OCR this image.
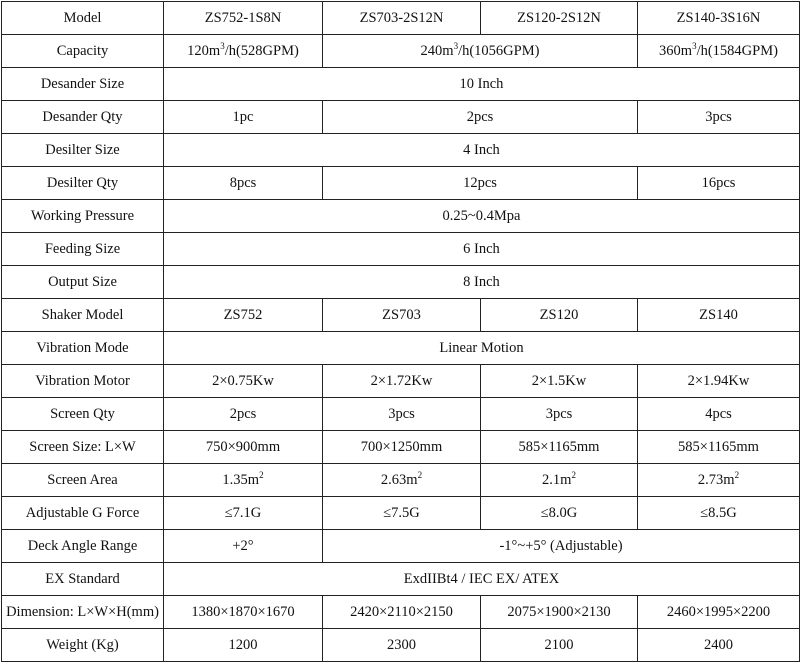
Model	ZS752-1S8N	ZS703-2S12N	ZS120-2S12N	ZS140-3S16N
Capacity	$120m^3/h(528GPM)$	$240m^3/h(1056GPM)$		$360m^3/h(1584GPM)$
Desander Size	10 Inch			
Desander Qty	1pc	2pcs		3pcs
Desilter Size	4 Inch			
Desilter Qty	8pcs	12pcs		16pcs
Working Pressure	0.25~0.4Mpa			
Feeding Size	6 Inch			
Output Size	8 Inch			
Shaker Model	ZS752	ZS703	ZS120	ZS140
Vibration Mode	Linear Motion			
Vibration Motor	2×0.75Kw	2×1.72Kw	2×1.5Kw	2×1.94Kw
Screen Qty	2pcs	3pcs	3pcs	4pcs
Screen Size: L×W	750×900mm	700×1250mm	585×1165mm	585×1165mm
Screen Area	$1.35m^2$	$2.63m^2$	$2.1m^2$	$2.73m^2$
Adjustable G Force	≤7.1G	≤7.5G	≤8.0G	≤8.5G
Deck Angle Range	+2°	-1°~+5° (Adjustable)		
EX Standard	ExdIIBt4 / IEC EX/ ATEX			
Dimension: L×W×H(mm)	1380×1870×1670	2420×2110×2150	2075×1900×2130	2460×1995×2200
Weight (Kg)	1200	2300	2100	2400
